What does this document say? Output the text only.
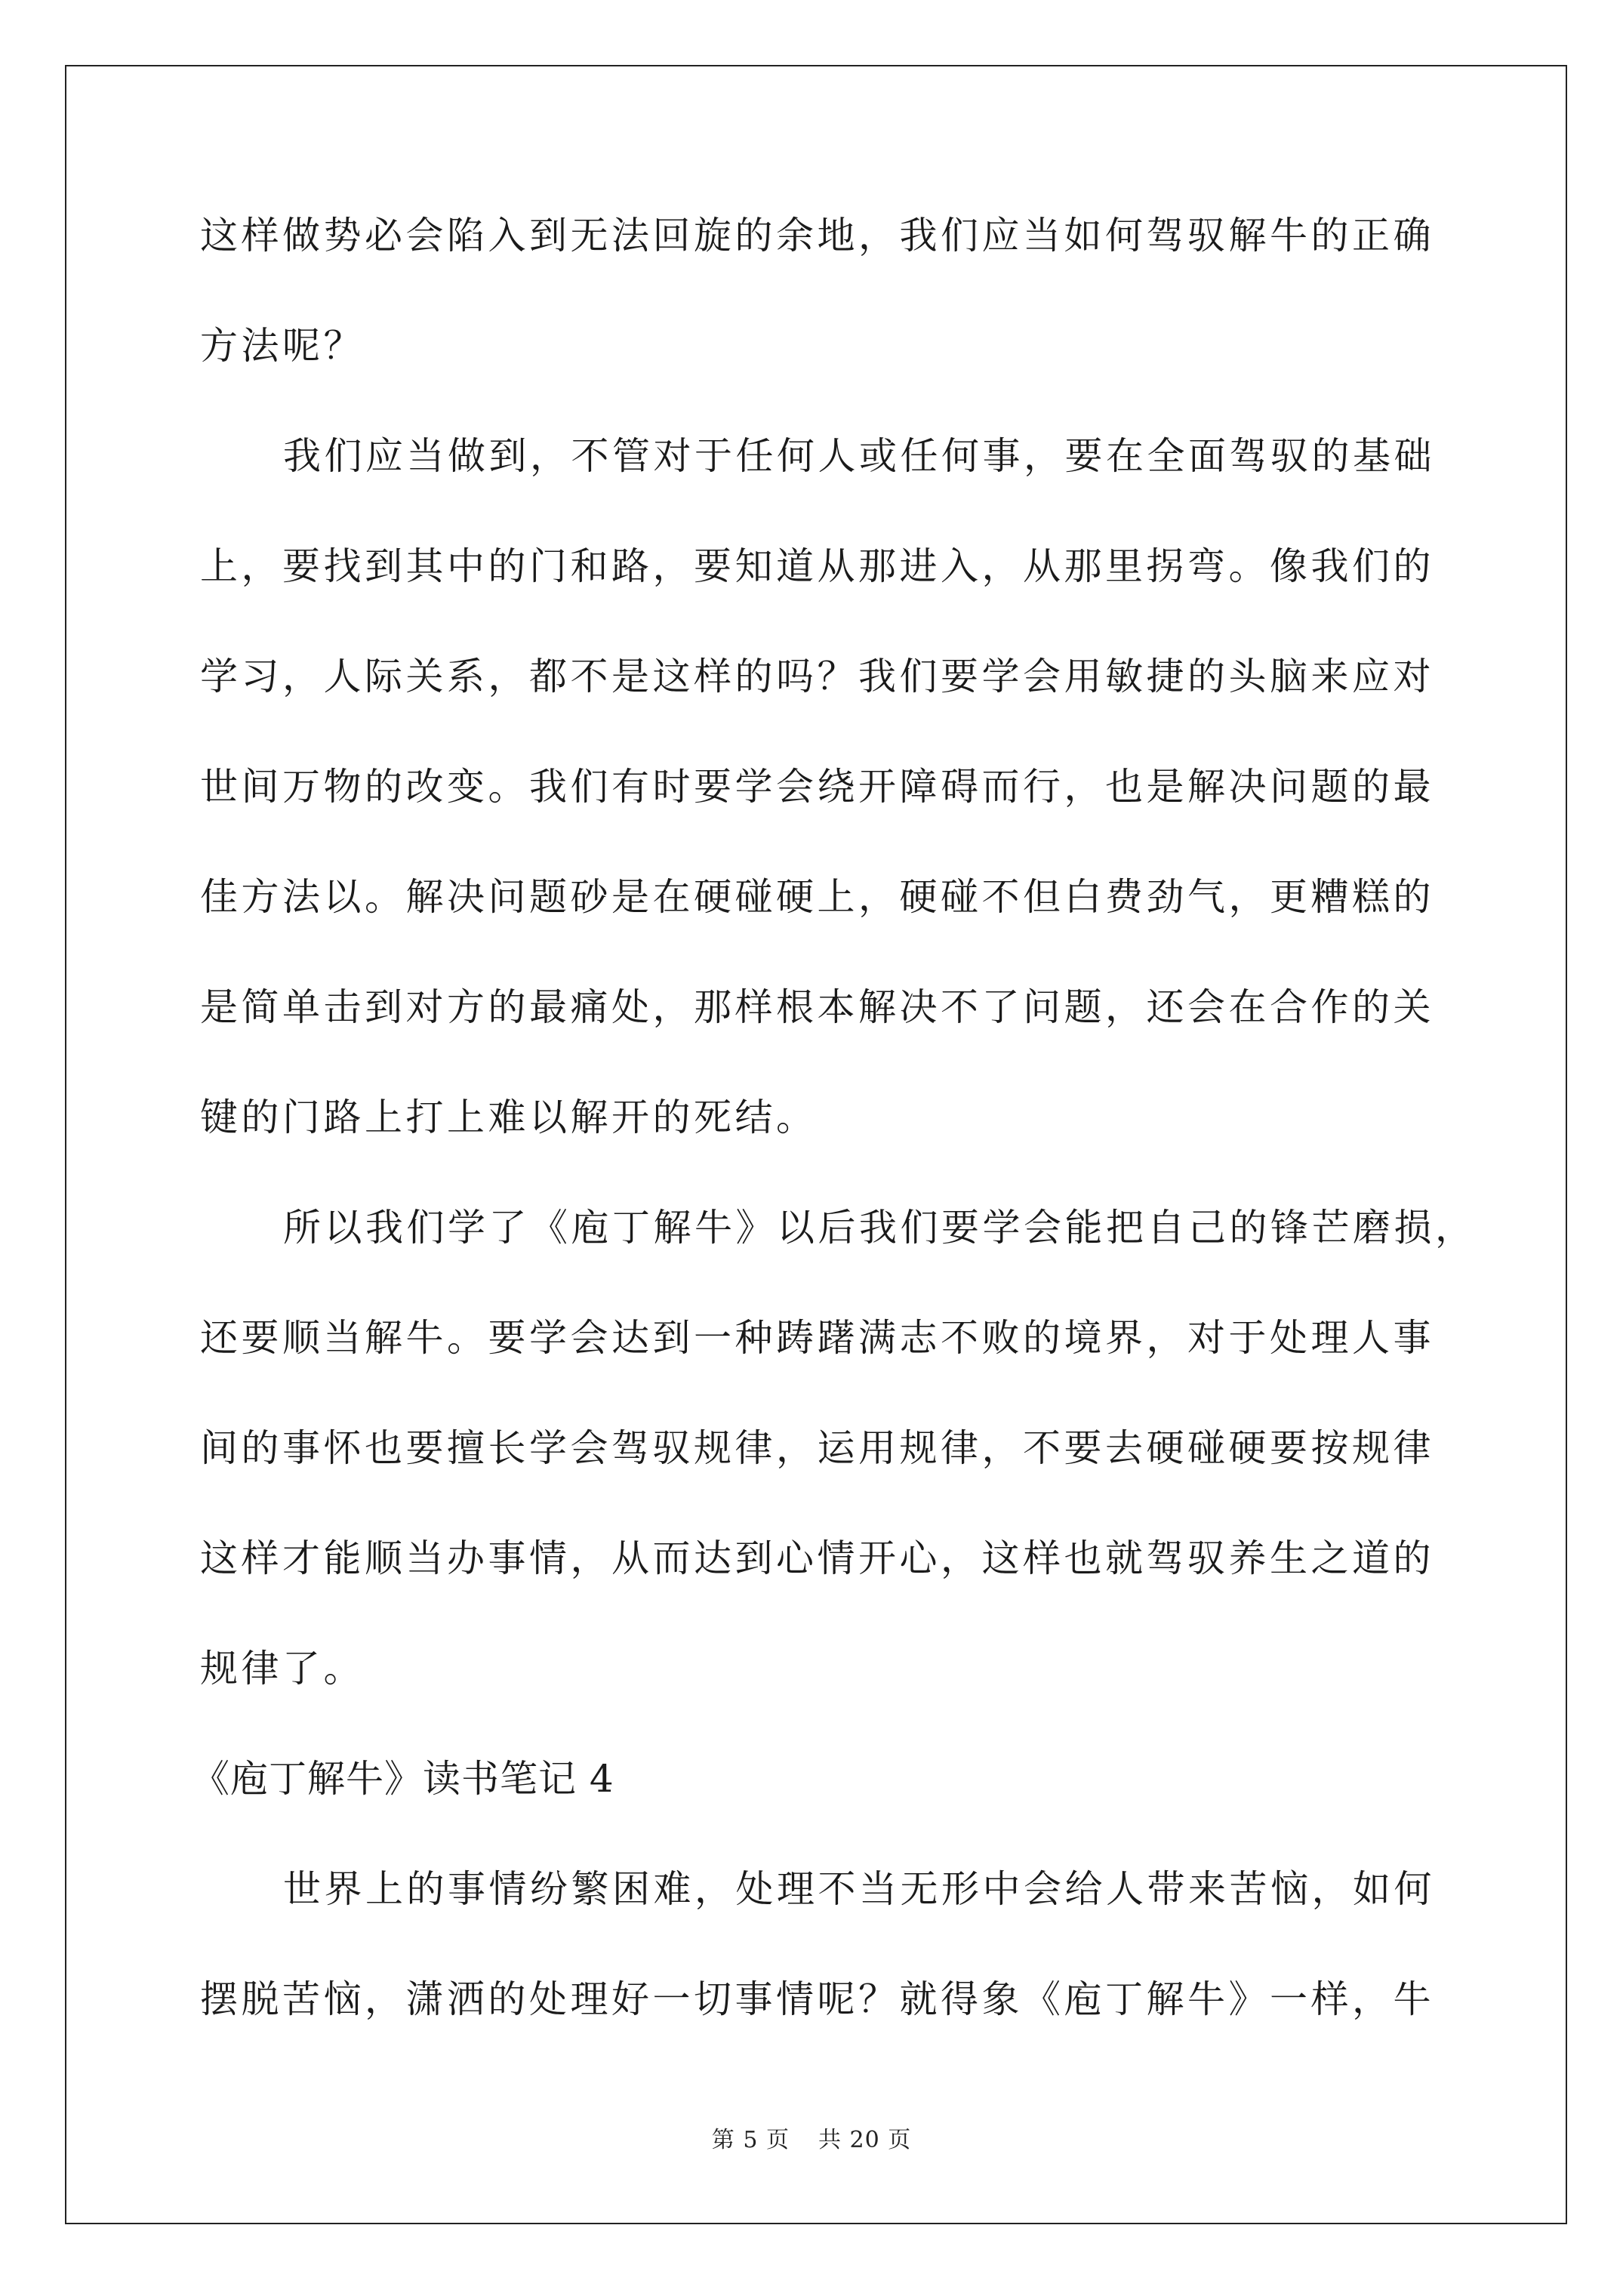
这样做势必会陷入到无法回旋的余地，我们应当如何驾驭解牛的正确
方法呢？
我们应当做到，不管对于任何人或任何事，要在全面驾驭的基础
上，要找到其中的门和路，要知道从那进入，从那里拐弯。像我们的
学习，人际关系，都不是这样的吗？我们要学会用敏捷的头脑来应对
世间万物的改变。我们有时要学会绕开障碍而行，也是解决问题的最
佳方法以。解决问题砂是在硬碰硬上，硬碰不但白费劲气，更糟糕的
是简单击到对方的最痛处，那样根本解决不了问题，还会在合作的关
键的门路上打上难以解开的死结。
所以我们学了《庖丁解牛》以后我们要学会能把自己的锋芒磨损，
还要顺当解牛。要学会达到一种踌躇满志不败的境界，对于处理人事
间的事怀也要擅长学会驾驭规律，运用规律，不要去硬碰硬要按规律
这样才能顺当办事情，从而达到心情开心，这样也就驾驭养生之道的
规律了。
《庖丁解牛》读书笔记 4
世界上的事情纷繁困难，处理不当无形中会给人带来苦恼，如何
摆脱苦恼，潇洒的处理好一切事情呢？就得象《庖丁解牛》一样，牛
第 5 页 共 20 页
